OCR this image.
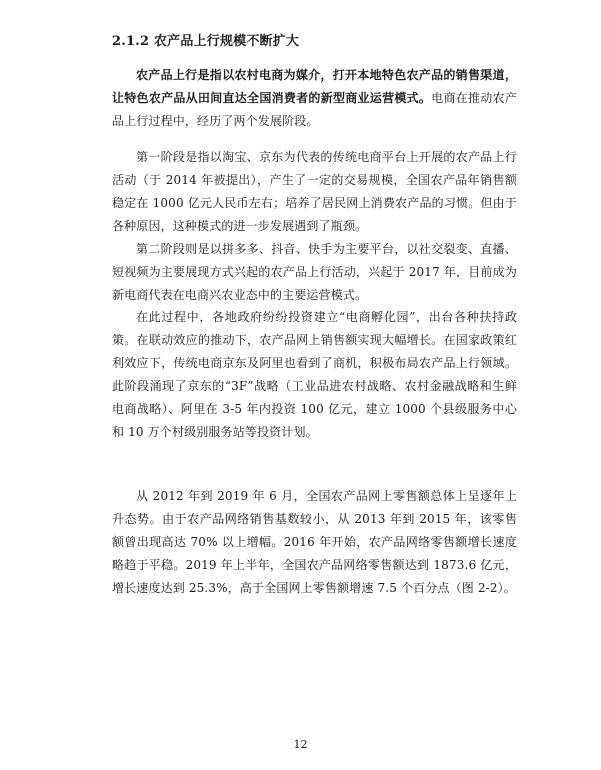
2.1.2 农产品上行规模不断扩大
农产品上行是指以农村电商为媒介，打开本地特色农产品的销售渠道，让特色农产品从田间直达全国消费者的新型商业运营模式。电商在推动农产品上行过程中，经历了两个发展阶段。
第一阶段是指以淘宝、京东为代表的传统电商平台上开展的农产品上行活动（于 2014 年被提出），产生了一定的交易规模，全国农产品年销售额稳定在 1000 亿元人民币左右；培养了居民网上消费农产品的习惯。但由于各种原因，这种模式的进一步发展遇到了瓶颈。
第二阶段则是以拼多多、抖音、快手为主要平台，以社交裂变、直播、短视频为主要展现方式兴起的农产品上行活动，兴起于 2017 年，目前成为新电商代表在电商兴农业态中的主要运营模式。
在此过程中，各地政府纷纷投资建立“电商孵化园”，出台各种扶持政策。在联动效应的推动下，农产品网上销售额实现大幅增长。在国家政策红利效应下，传统电商京东及阿里也看到了商机，积极布局农产品上行领域。此阶段涌现了京东的“3F”战略（工业品进农村战略、农村金融战略和生鲜电商战略）、阿里在 3-5 年内投资 100 亿元，建立 1000 个县级服务中心和 10 万个村级别服务站等投资计划。
从 2012 年到 2019 年 6 月，全国农产品网上零售额总体上呈逐年上升态势。由于农产品网络销售基数较小，从 2013 年到 2015 年，该零售额曾出现高达 70% 以上增幅。2016 年开始，农产品网络零售额增长速度略趋于平稳。2019 年上半年，全国农产品网络零售额达到 1873.6 亿元，增长速度达到 25.3%，高于全国网上零售额增速 7.5 个百分点（图 2-2）。
12
